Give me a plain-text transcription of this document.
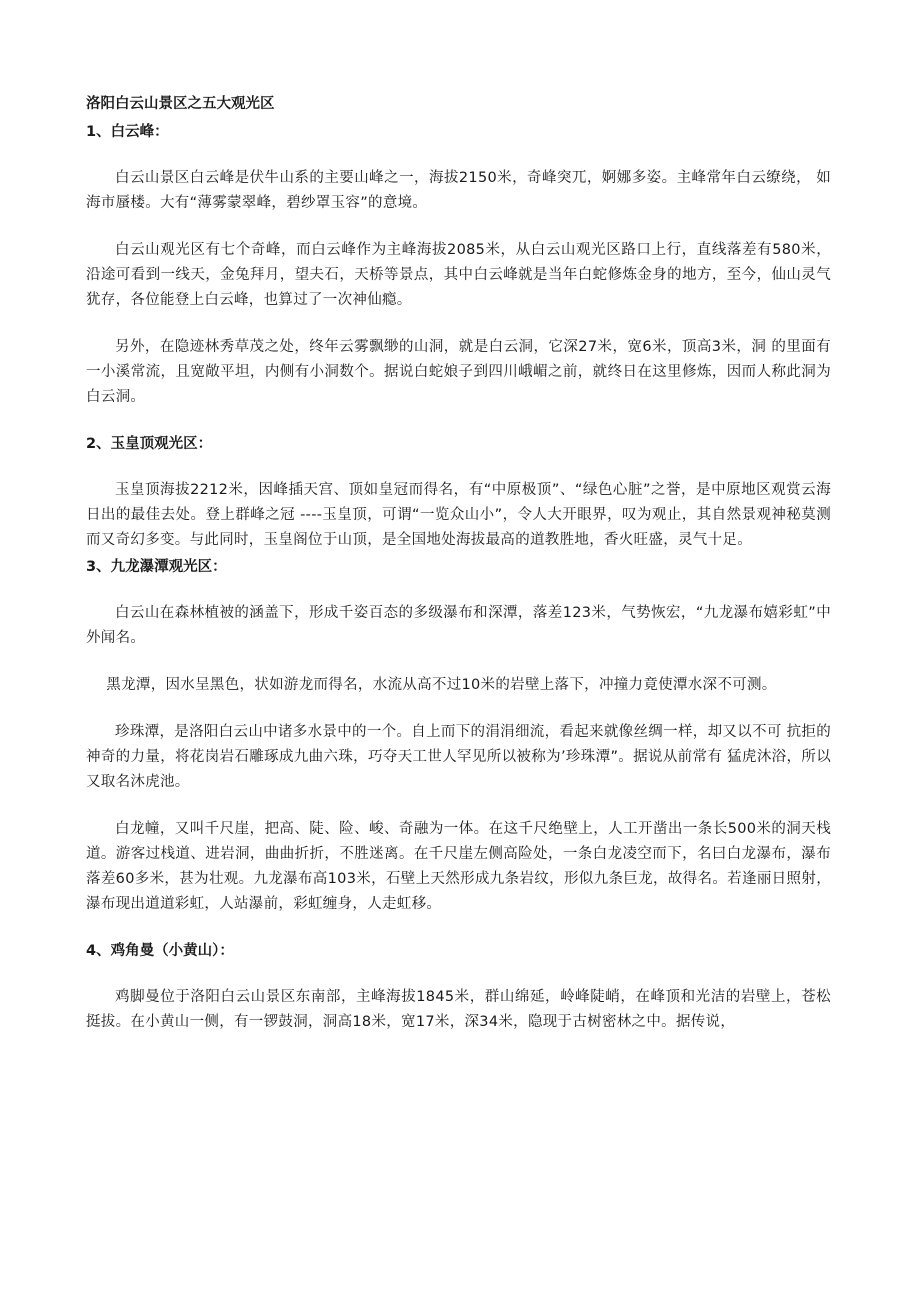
洛阳白云山景区之五大观光区
1、白云峰：

白云山景区白云峰是伏牛山系的主要山峰之一，海拔2150米，奇峰突兀，婀娜多姿。主峰常年白云缭绕， 如海市蜃楼。大有“薄雾蒙翠峰，碧纱罩玉容”的意境。

白云山观光区有七个奇峰，而白云峰作为主峰海拔2085米，从白云山观光区路口上行，直线落差有580米，沿途可看到一线天，金兔拜月，望夫石，天桥等景点，其中白云峰就是当年白蛇修炼金身的地方，至今，仙山灵气犹存，各位能登上白云峰，也算过了一次神仙瘾。

另外，在隐迹林秀草茂之处，终年云雾飘缈的山洞，就是白云洞，它深27米，宽6米，顶高3米，洞 的里面有一小溪常流，且宽敞平坦，内侧有小洞数个。据说白蛇娘子到四川峨嵋之前，就终日在这里修炼，因而人称此洞为白云洞。

2、玉皇顶观光区：

玉皇顶海拔2212米，因峰插天宫、顶如皇冠而得名，有“中原极顶”、“绿色心脏”之誉，是中原地区观赏云海日出的最佳去处。登上群峰之冠 ----玉皇顶，可谓“一览众山小”，令人大开眼界，叹为观止，其自然景观神秘莫测而又奇幻多变。与此同时，玉皇阁位于山顶，是全国地处海拔最高的道教胜地，香火旺盛，灵气十足。

3、九龙瀑潭观光区：

白云山在森林植被的涵盖下，形成千姿百态的多级瀑布和深潭，落差123米，气势恢宏，“九龙瀑布嬉彩虹”中外闻名。

黑龙潭，因水呈黑色，状如游龙而得名，水流从高不过10米的岩壁上落下，冲撞力竟使潭水深不可测。

珍珠潭，是洛阳白云山中诸多水景中的一个。自上而下的涓涓细流，看起来就像丝绸一样，却又以不可 抗拒的神奇的力量，将花岗岩石雕琢成九曲六珠，巧夺天工世人罕见所以被称为’珍珠潭”。据说从前常有 猛虎沐浴，所以又取名沐虎池。

白龙幢，又叫千尺崖，把高、陡、险、峻、奇融为一体。在这千尺绝壁上，人工开凿出一条长500米的洞天栈道。游客过栈道、进岩洞，曲曲折折，不胜迷离。在千尺崖左侧高险处，一条白龙凌空而下，名曰白龙瀑布，瀑布落差60多米，甚为壮观。九龙瀑布高103米，石壁上天然形成九条岩纹，形似九条巨龙，故得名。若逢丽日照射，瀑布现出道道彩虹，人站瀑前，彩虹缠身，人走虹移。

4、鸡角曼（小黄山）：

鸡脚曼位于洛阳白云山景区东南部，主峰海拔1845米，群山绵延，岭峰陡峭，在峰顶和光洁的岩壁上，苍松挺拔。在小黄山一侧，有一锣鼓洞，洞高18米，宽17米，深34米，隐现于古树密林之中。据传说，
